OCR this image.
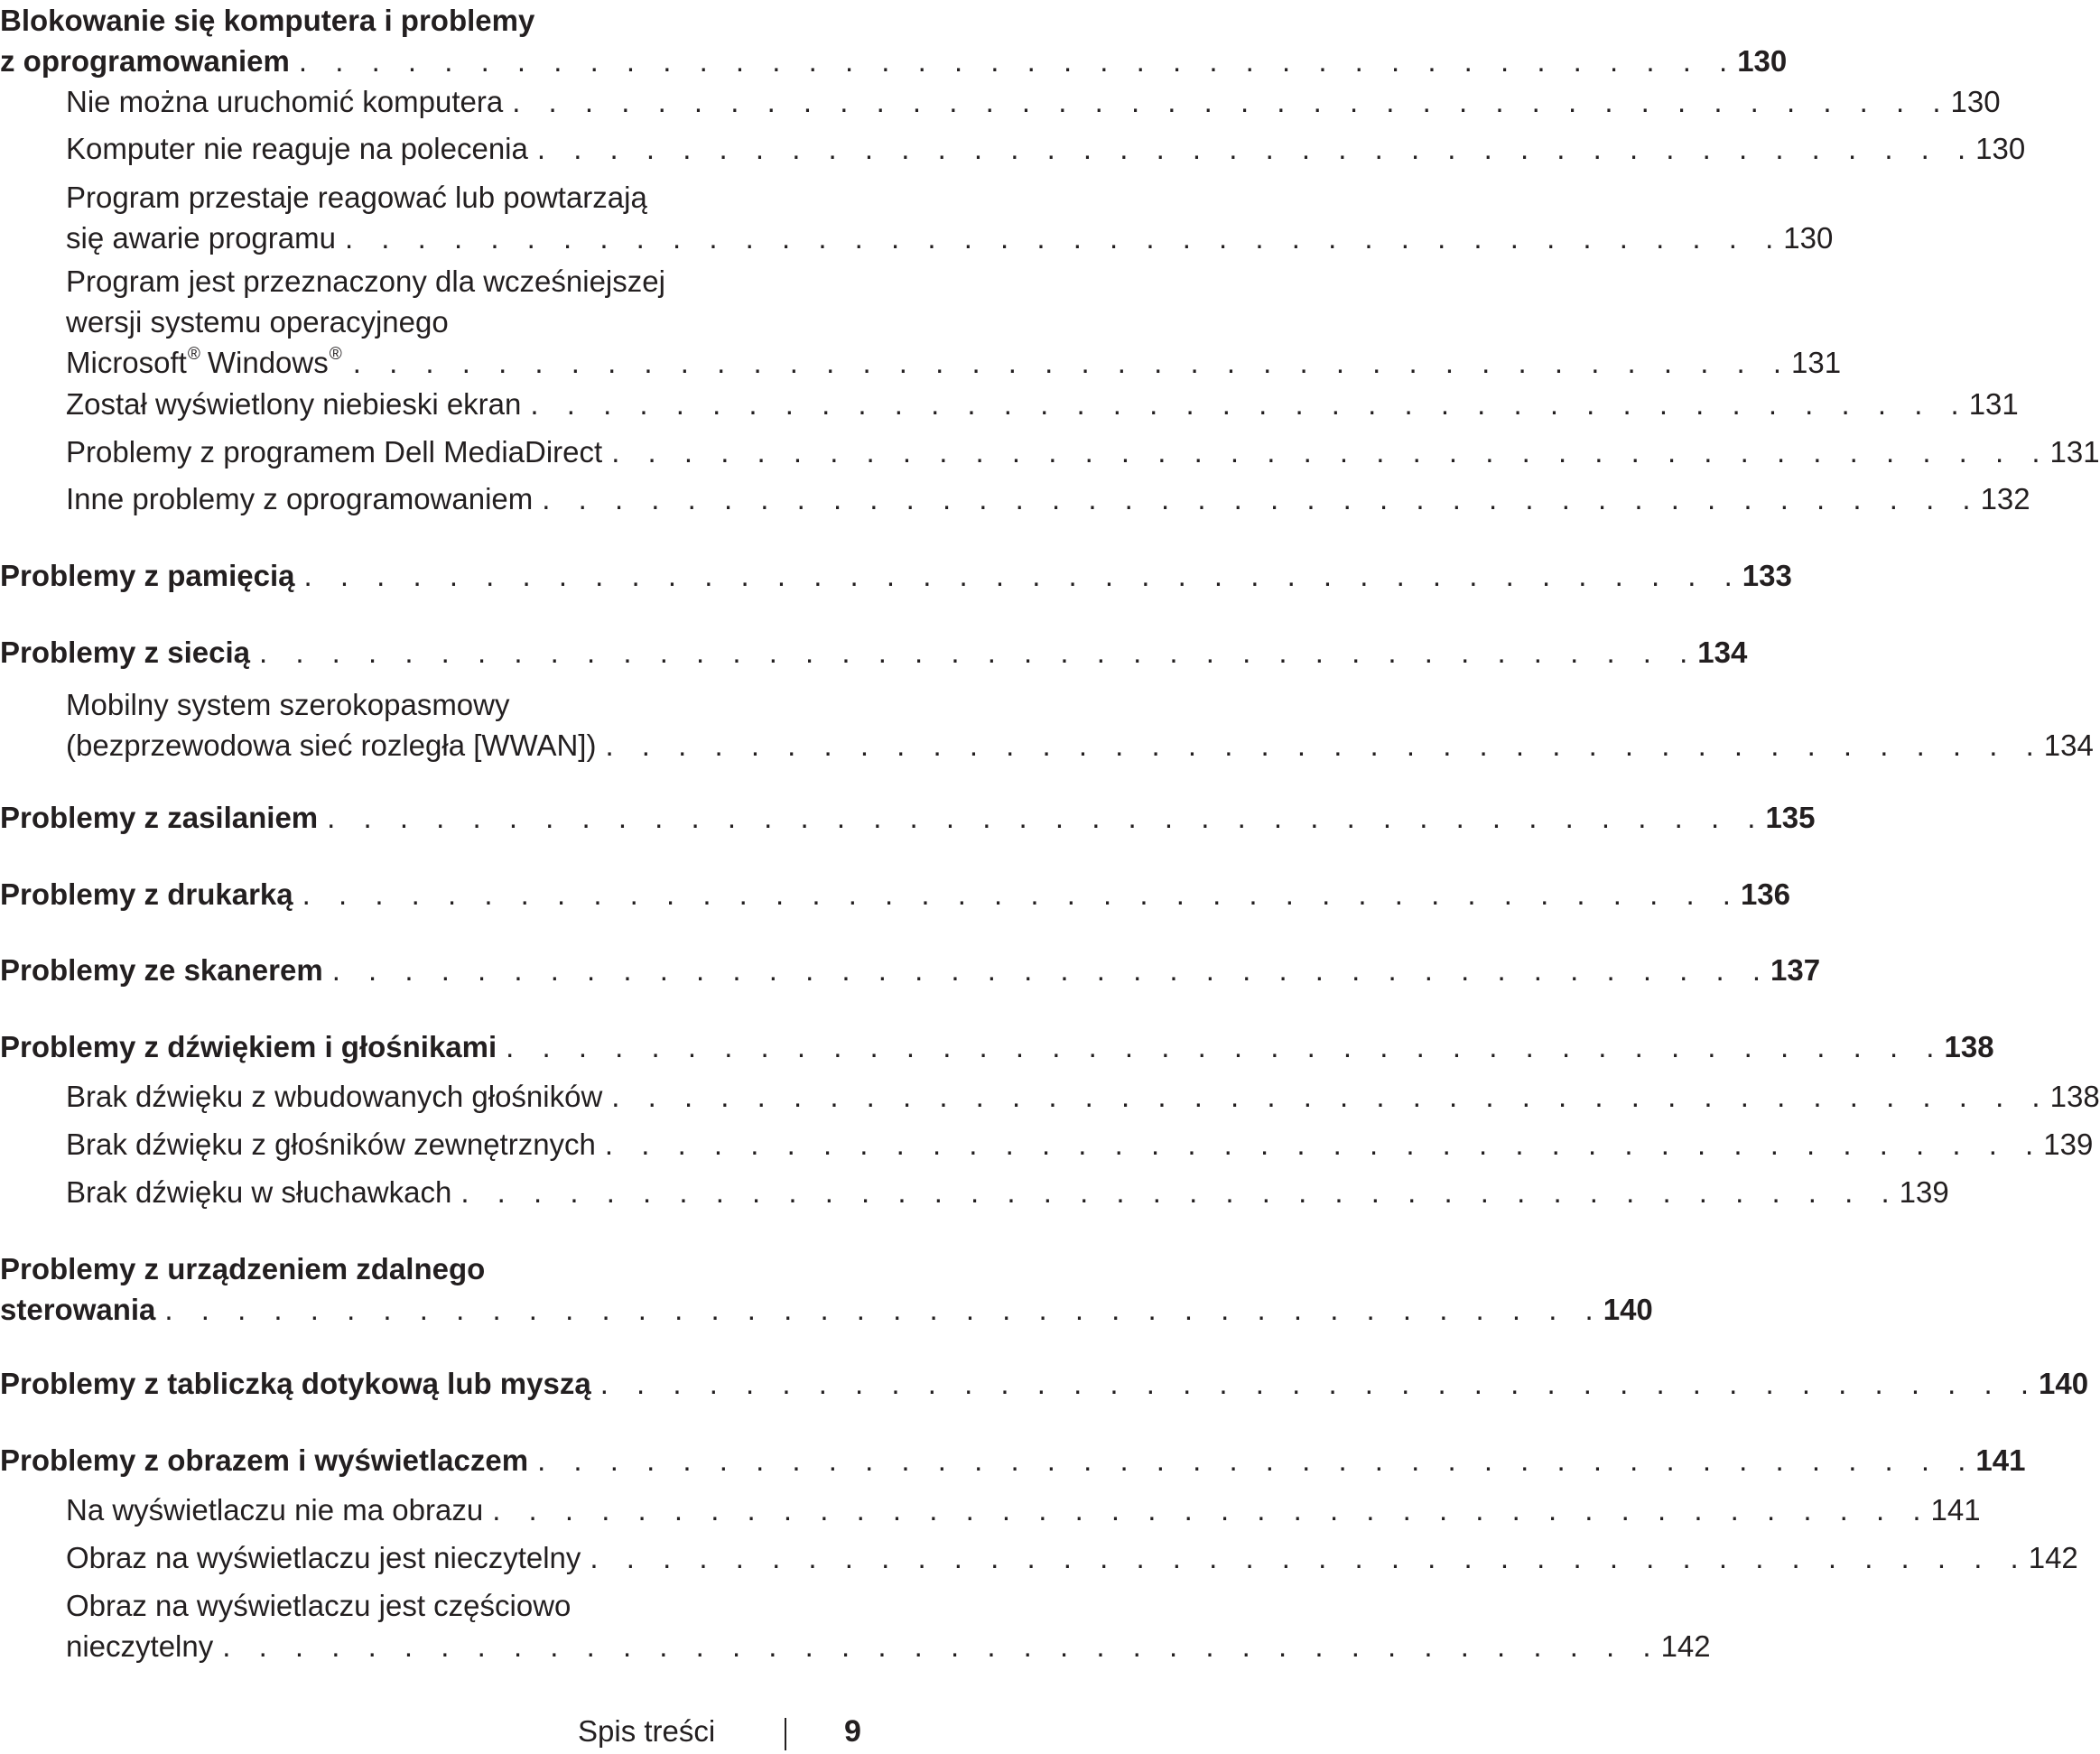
Blokowanie się komputera i problemy
z oprogramowaniem . . . . . . . . . . . . . . . . . . . . . . . . . . . . . . . . . . . . . . . . 130
Nie można uruchomić komputera . . . . . . . . . . . . . . . . . . . . . . . . . . . . . . . . . . . . . . . . 130
Komputer nie reaguje na polecenia . . . . . . . . . . . . . . . . . . . . . . . . . . . . . . . . . . . . . . . . 130
Program przestaje reagować lub powtarzają
się awarie programu . . . . . . . . . . . . . . . . . . . . . . . . . . . . . . . . . . . . . . . . 130
Program jest przeznaczony dla wcześniejszej
wersji systemu operacyjnego
Microsoft ® Windows ® . . . . . . . . . . . . . . . . . . . . . . . . . . . . . . . . . . . . . . . . 131
Został wyświetlony niebieski ekran . . . . . . . . . . . . . . . . . . . . . . . . . . . . . . . . . . . . . . . . 131
Problemy z programem Dell MediaDirect . . . . . . . . . . . . . . . . . . . . . . . . . . . . . . . . . . . . . . . . 131
Inne problemy z oprogramowaniem . . . . . . . . . . . . . . . . . . . . . . . . . . . . . . . . . . . . . . . . 132
Problemy z pamięcią . . . . . . . . . . . . . . . . . . . . . . . . . . . . . . . . . . . . . . . . 133
Problemy z siecią . . . . . . . . . . . . . . . . . . . . . . . . . . . . . . . . . . . . . . . . 134
Mobilny system szerokopasmowy
(bezprzewodowa sieć rozległa [WWAN]) . . . . . . . . . . . . . . . . . . . . . . . . . . . . . . . . . . . . . . . . 134
Problemy z zasilaniem . . . . . . . . . . . . . . . . . . . . . . . . . . . . . . . . . . . . . . . . 135
Problemy z drukarką . . . . . . . . . . . . . . . . . . . . . . . . . . . . . . . . . . . . . . . . 136
Problemy ze skanerem . . . . . . . . . . . . . . . . . . . . . . . . . . . . . . . . . . . . . . . . 137
Problemy z dźwiękiem i głośnikami . . . . . . . . . . . . . . . . . . . . . . . . . . . . . . . . . . . . . . . . 138
Brak dźwięku z wbudowanych głośników . . . . . . . . . . . . . . . . . . . . . . . . . . . . . . . . . . . . . . . . 138
Brak dźwięku z głośników zewnętrznych . . . . . . . . . . . . . . . . . . . . . . . . . . . . . . . . . . . . . . . . 139
Brak dźwięku w słuchawkach . . . . . . . . . . . . . . . . . . . . . . . . . . . . . . . . . . . . . . . . 139
Problemy z urządzeniem zdalnego
sterowania . . . . . . . . . . . . . . . . . . . . . . . . . . . . . . . . . . . . . . . . 140
Problemy z tabliczką dotykową lub myszą . . . . . . . . . . . . . . . . . . . . . . . . . . . . . . . . . . . . . . . . 140
Problemy z obrazem i wyświetlaczem . . . . . . . . . . . . . . . . . . . . . . . . . . . . . . . . . . . . . . . . 141
Na wyświetlaczu nie ma obrazu . . . . . . . . . . . . . . . . . . . . . . . . . . . . . . . . . . . . . . . . 141
Obraz na wyświetlaczu jest nieczytelny . . . . . . . . . . . . . . . . . . . . . . . . . . . . . . . . . . . . . . . . 142
Obraz na wyświetlaczu jest częściowo
nieczytelny . . . . . . . . . . . . . . . . . . . . . . . . . . . . . . . . . . . . . . . . 142
Spis treści	9
